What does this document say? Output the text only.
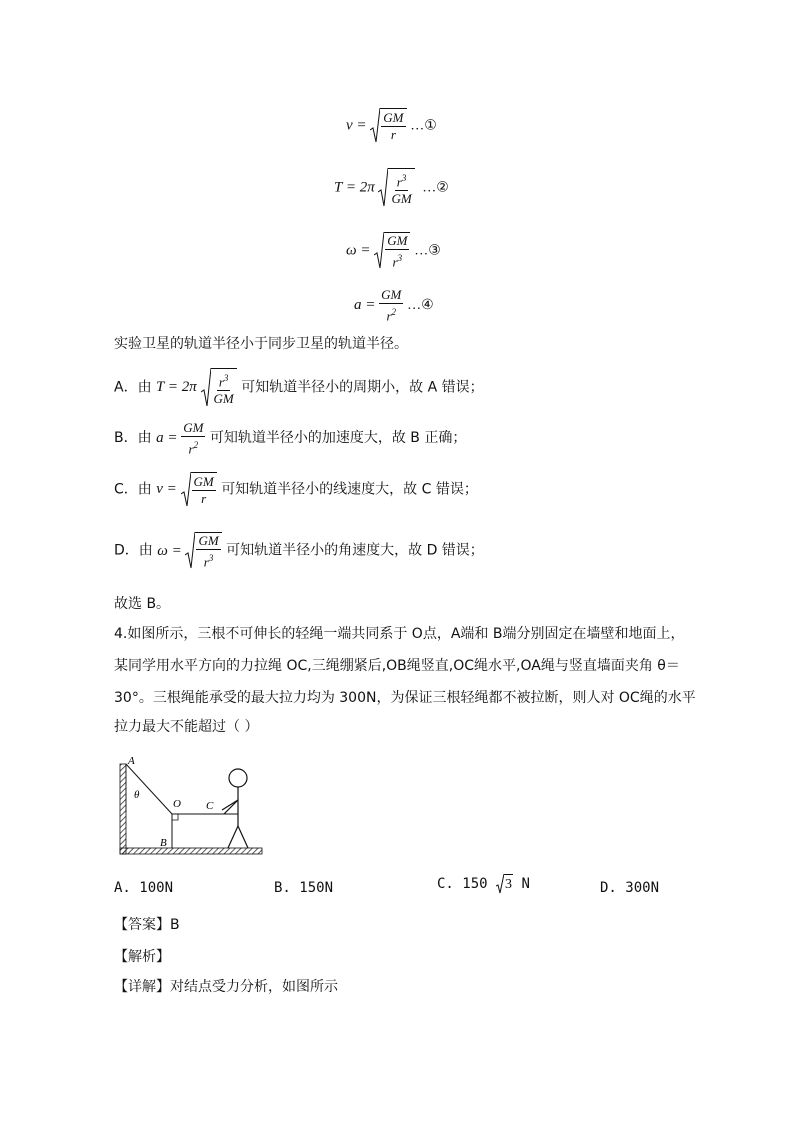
$v = \frac{GM}{r}$ …①
$T = 2\pi \frac{r^3}{GM}$ …②
$\omega = \frac{GM}{r^3}$ …③
$a = \frac{GM}{r^2}$ …④
实验卫星的轨道半径小于同步卫星的轨道半径。
A．由 $T = 2\pi \frac{r^3}{GM}$ 可知轨道半径小的周期小，故 A 错误；
B．由 $a = \frac{GM}{r^2}$ 可知轨道半径小的加速度大，故 B 正确；
C．由 $v = \frac{GM}{r}$ 可知轨道半径小的线速度大，故 C 错误；
D．由 $\omega = \frac{GM}{r^3}$ 可知轨道半径小的角速度大，故 D 错误；
故选 B。
4.如图所示，三根不可伸长的轻绳一端共同系于 O点，A端和 B端分别固定在墙壁和地面上，
某同学用水平方向的力拉绳 OC,三绳绷紧后,OB绳竖直,OC绳水平,OA绳与竖直墙面夹角 θ＝
30°。三根绳能承受的最大拉力均为 300N，为保证三根轻绳都不被拉断，则人对 OC绳的水平
拉力最大不能超过（ ）
A
θ
O C
B
A. 100N	B. 150N	C. 150 3 N	D. 300N
【答案】B
【解析】
【详解】对结点受力分析，如图所示
